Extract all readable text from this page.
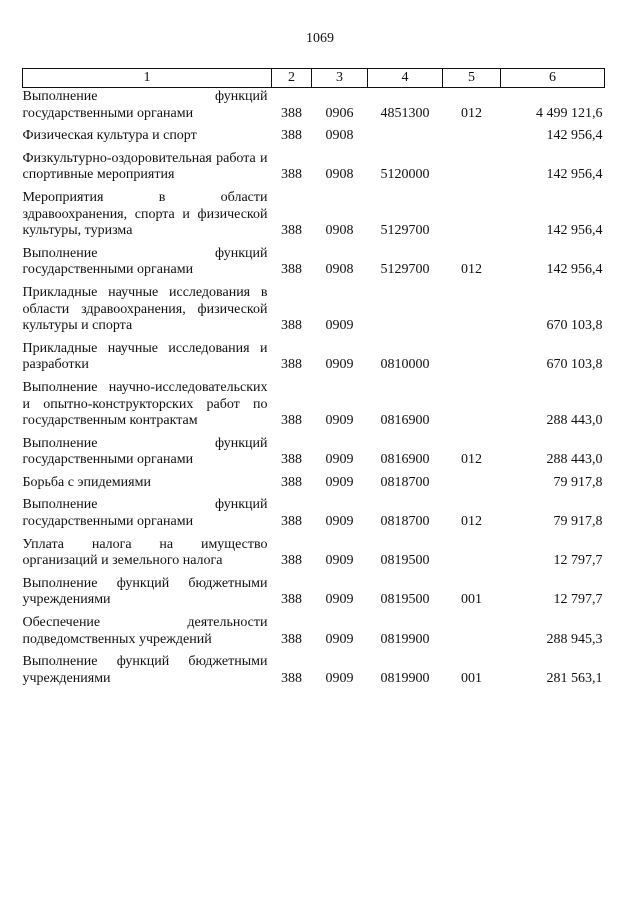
1069
1	2	3	4	5	6
Выполнение функций государственными органами	388	0906	4851300	012	4 499 121,6
Физическая культура и спорт	388	0908			142 956,4
Физкультурно-оздоровительная работа и спортивные мероприятия	388	0908	5120000		142 956,4
Мероприятия в области здравоохранения, спорта и физической культуры, туризма	388	0908	5129700		142 956,4
Выполнение функций государственными органами	388	0908	5129700	012	142 956,4
Прикладные научные исследования в области здравоохранения, физической культуры и спорта	388	0909			670 103,8
Прикладные научные исследования и разработки	388	0909	0810000		670 103,8
Выполнение научно-исследовательских и опытно-конструкторских работ по государственным контрактам	388	0909	0816900		288 443,0
Выполнение функций государственными органами	388	0909	0816900	012	288 443,0
Борьба с эпидемиями	388	0909	0818700		79 917,8
Выполнение функций государственными органами	388	0909	0818700	012	79 917,8
Уплата налога на имущество организаций и земельного налога	388	0909	0819500		12 797,7
Выполнение функций бюджетными учреждениями	388	0909	0819500	001	12 797,7
Обеспечение деятельности подведомственных учреждений	388	0909	0819900		288 945,3
Выполнение функций бюджетными учреждениями	388	0909	0819900	001	281 563,1
